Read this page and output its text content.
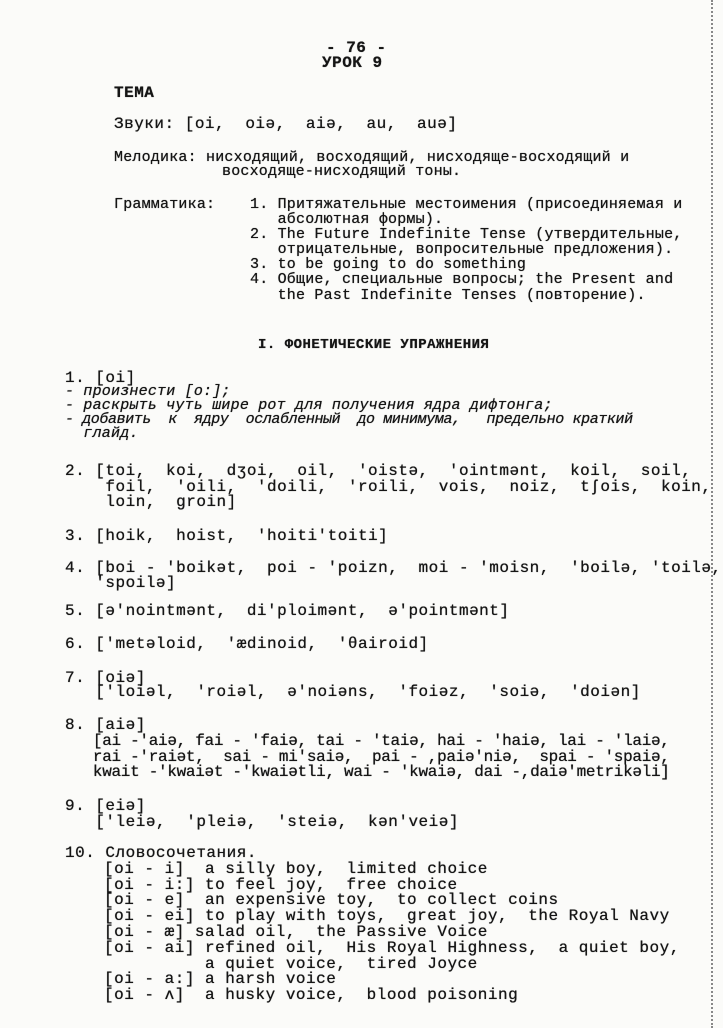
- 76 -
УРОК 9
ТЕМА
Звуки: [oi,  oiə,  aiə,  au,  auə]
Мелодика: нисходящий, восходящий, нисходяще-восходящий и
восходяще-нисходящий тоны.
Грамматика: 1. Притяжательные местоимения (присоединяемая и
абсолютная формы).
2. The Future Indefinite Tense (утвердительные,
отрицательные, вопросительные предложения).
3. to be going to do something
4. Общие, специальные вопросы; the Present and
the Past Indefinite Tenses (повторение).
I. ФОНЕТИЧЕСКИЕ УПРАЖНЕНИЯ
1. [oi]
- произнести [o:];
- раскрыть чуть шире рот для получения ядра дифтонга;
- добавить  к  ядру  ослабленный  до минимума,   предельно краткий
глайд.
2. [toi,  koi,  dʒoi,  oil,  'oistə,  'ointmənt,  koil,  soil,
foil,  'oili,  'doili,  'roili,  vois,  noiz,  tʃois,  koin,
loin,  groin]
3. [hoik,  hoist,  'hoiti'toiti]
4. [boi - 'boikət,  poi - 'poizn,  moi - 'moisn,  'boilə, 'toilə,
'spoilə]
5. [ə'nointmənt,  di'ploimənt,  ə'pointmənt]
6. ['metəloid,  'ædinoid,  'θairoid]
7. [oiə]
['loiəl,  'roiəl,  ə'noiəns,  'foiəz,  'soiə,  'doiən]
8. [aiə]
[ai -'aiə, fai - 'faiə, tai - 'taiə, hai - 'haiə, lai - 'laiə,
rai -'raiət,  sai - mi'saiə,  pai - ,paiə'niə,  spai - 'spaiə,
kwait -'kwaiət -'kwaiətli, wai - 'kwaiə, dai -,daiə'metrikəli]
9. [eiə]
['leiə,  'pleiə,  'steiə,  kən'veiə]
10. Словосочетания.
[oi - i]  a silly boy,  limited choice
[oi - i:] to feel joy,  free choice
[oi - e]  an expensive toy,  to collect coins
[oi - ei] to play with toys,  great joy,  the Royal Navy
[oi - æ] salad oil,  the Passive Voice
[oi - ai] refined oil,  His Royal Highness,  a quiet boy,
a quiet voice,  tired Joyce
[oi - a:] a harsh voice
[oi - ʌ]  a husky voice,  blood poisoning
